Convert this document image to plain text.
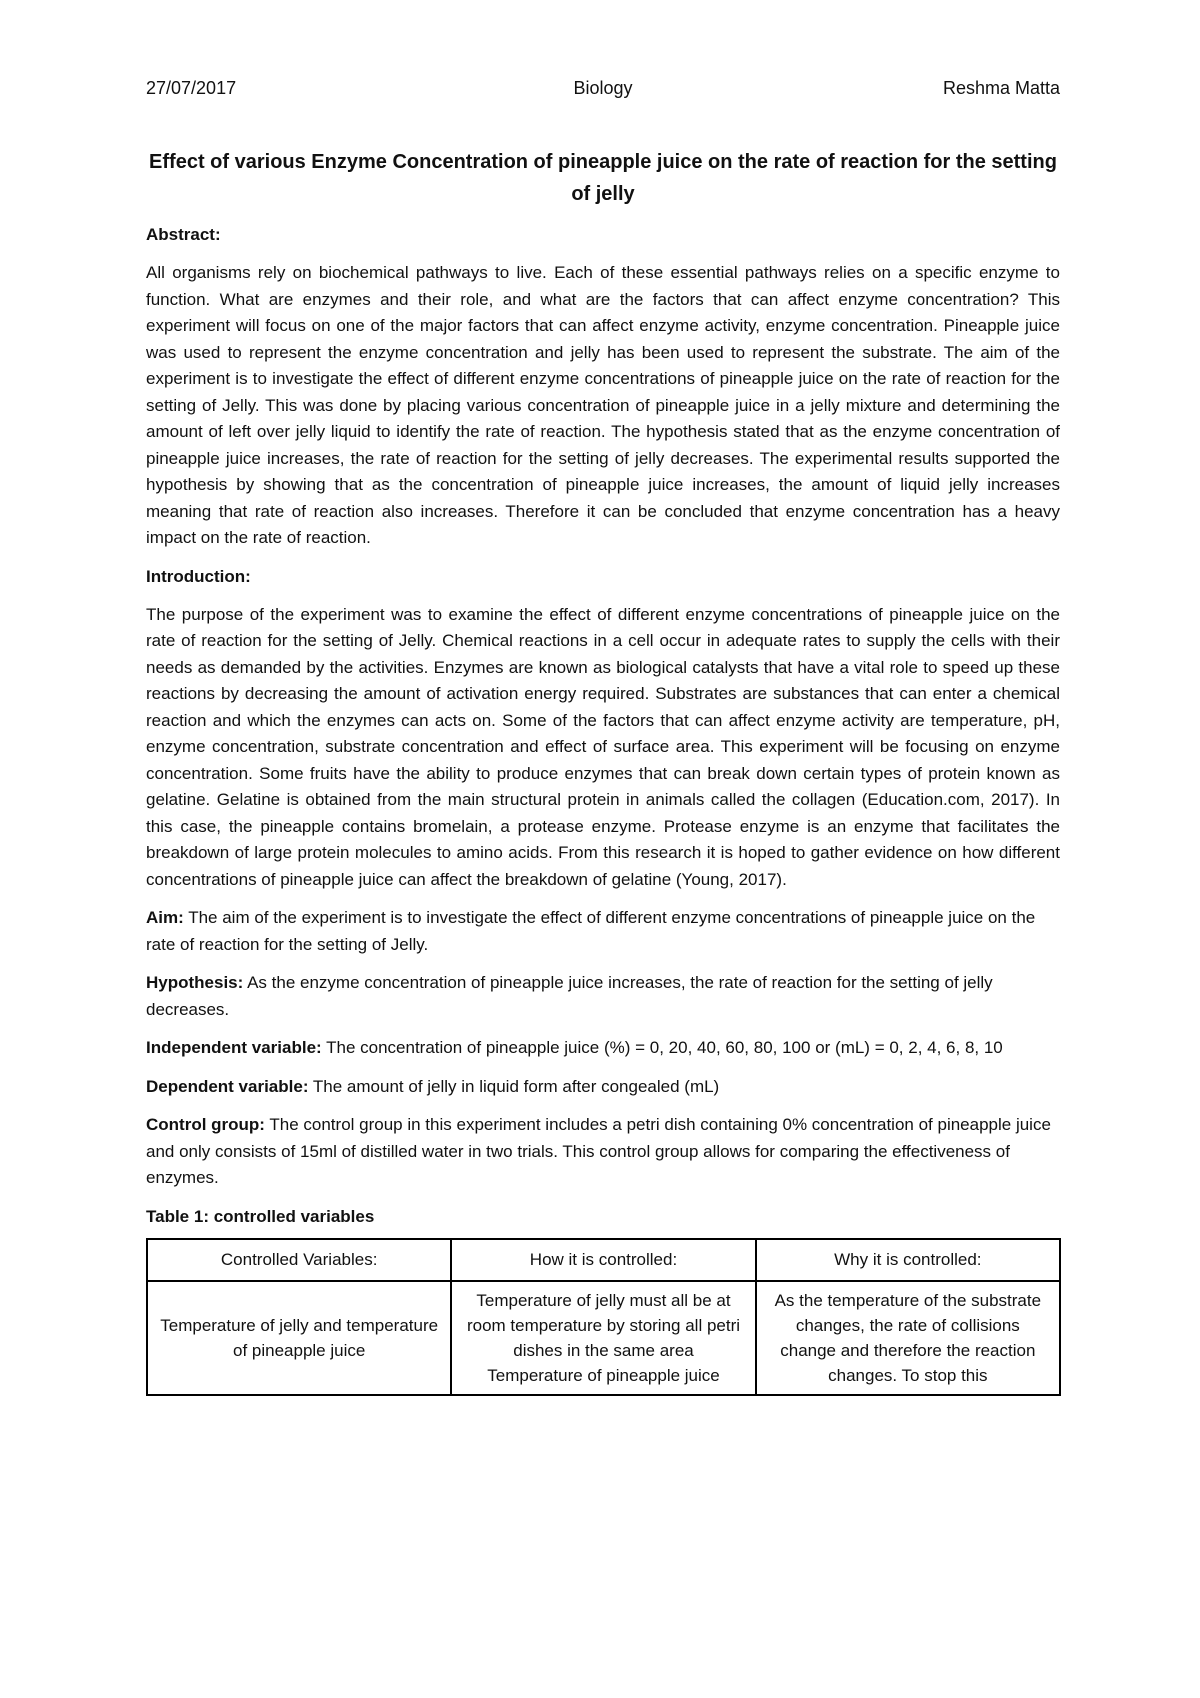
27/07/2017	Biology	Reshma Matta
Effect of various Enzyme Concentration of pineapple juice on the rate of reaction for the setting of jelly
Abstract:

All organisms rely on biochemical pathways to live. Each of these essential pathways relies on a specific enzyme to function. What are enzymes and their role, and what are the factors that can affect enzyme concentration? This experiment will focus on one of the major factors that can affect enzyme activity, enzyme concentration. Pineapple juice was used to represent the enzyme concentration and jelly has been used to represent the substrate. The aim of the experiment is to investigate the effect of different enzyme concentrations of pineapple juice on the rate of reaction for the setting of Jelly. This was done by placing various concentration of pineapple juice in a jelly mixture and determining the amount of left over jelly liquid to identify the rate of reaction. The hypothesis stated that as the enzyme concentration of pineapple juice increases, the rate of reaction for the setting of jelly decreases. The experimental results supported the hypothesis by showing that as the concentration of pineapple juice increases, the amount of liquid jelly increases meaning that rate of reaction also increases. Therefore it can be concluded that enzyme concentration has a heavy impact on the rate of reaction.

Introduction:

The purpose of the experiment was to examine the effect of different enzyme concentrations of pineapple juice on the rate of reaction for the setting of Jelly. Chemical reactions in a cell occur in adequate rates to supply the cells with their needs as demanded by the activities. Enzymes are known as biological catalysts that have a vital role to speed up these reactions by decreasing the amount of activation energy required. Substrates are substances that can enter a chemical reaction and which the enzymes can acts on. Some of the factors that can affect enzyme activity are temperature, pH, enzyme concentration, substrate concentration and effect of surface area. This experiment will be focusing on enzyme concentration. Some fruits have the ability to produce enzymes that can break down certain types of protein known as gelatine. Gelatine is obtained from the main structural protein in animals called the collagen (Education.com, 2017). In this case, the pineapple contains bromelain, a protease enzyme. Protease enzyme is an enzyme that facilitates the breakdown of large protein molecules to amino acids. From this research it is hoped to gather evidence on how different concentrations of pineapple juice can affect the breakdown of gelatine (Young, 2017).

Aim: The aim of the experiment is to investigate the effect of different enzyme concentrations of pineapple juice on the rate of reaction for the setting of Jelly.

Hypothesis: As the enzyme concentration of pineapple juice increases, the rate of reaction for the setting of jelly decreases.

Independent variable: The concentration of pineapple juice (%) = 0, 20, 40, 60, 80, 100 or (mL) = 0, 2, 4, 6, 8, 10

Dependent variable: The amount of jelly in liquid form after congealed (mL)

Control group: The control group in this experiment includes a petri dish containing 0% concentration of pineapple juice and only consists of 15ml of distilled water in two trials. This control group allows for comparing the effectiveness of enzymes.

Table 1: controlled variables
Controlled Variables:	How it is controlled:	Why it is controlled:
Temperature of jelly and temperature of pineapple juice	Temperature of jelly must all be at room temperature by storing all petri dishes in the same area Temperature of pineapple juice	As the temperature of the substrate changes, the rate of collisions change and therefore the reaction changes. To stop this
